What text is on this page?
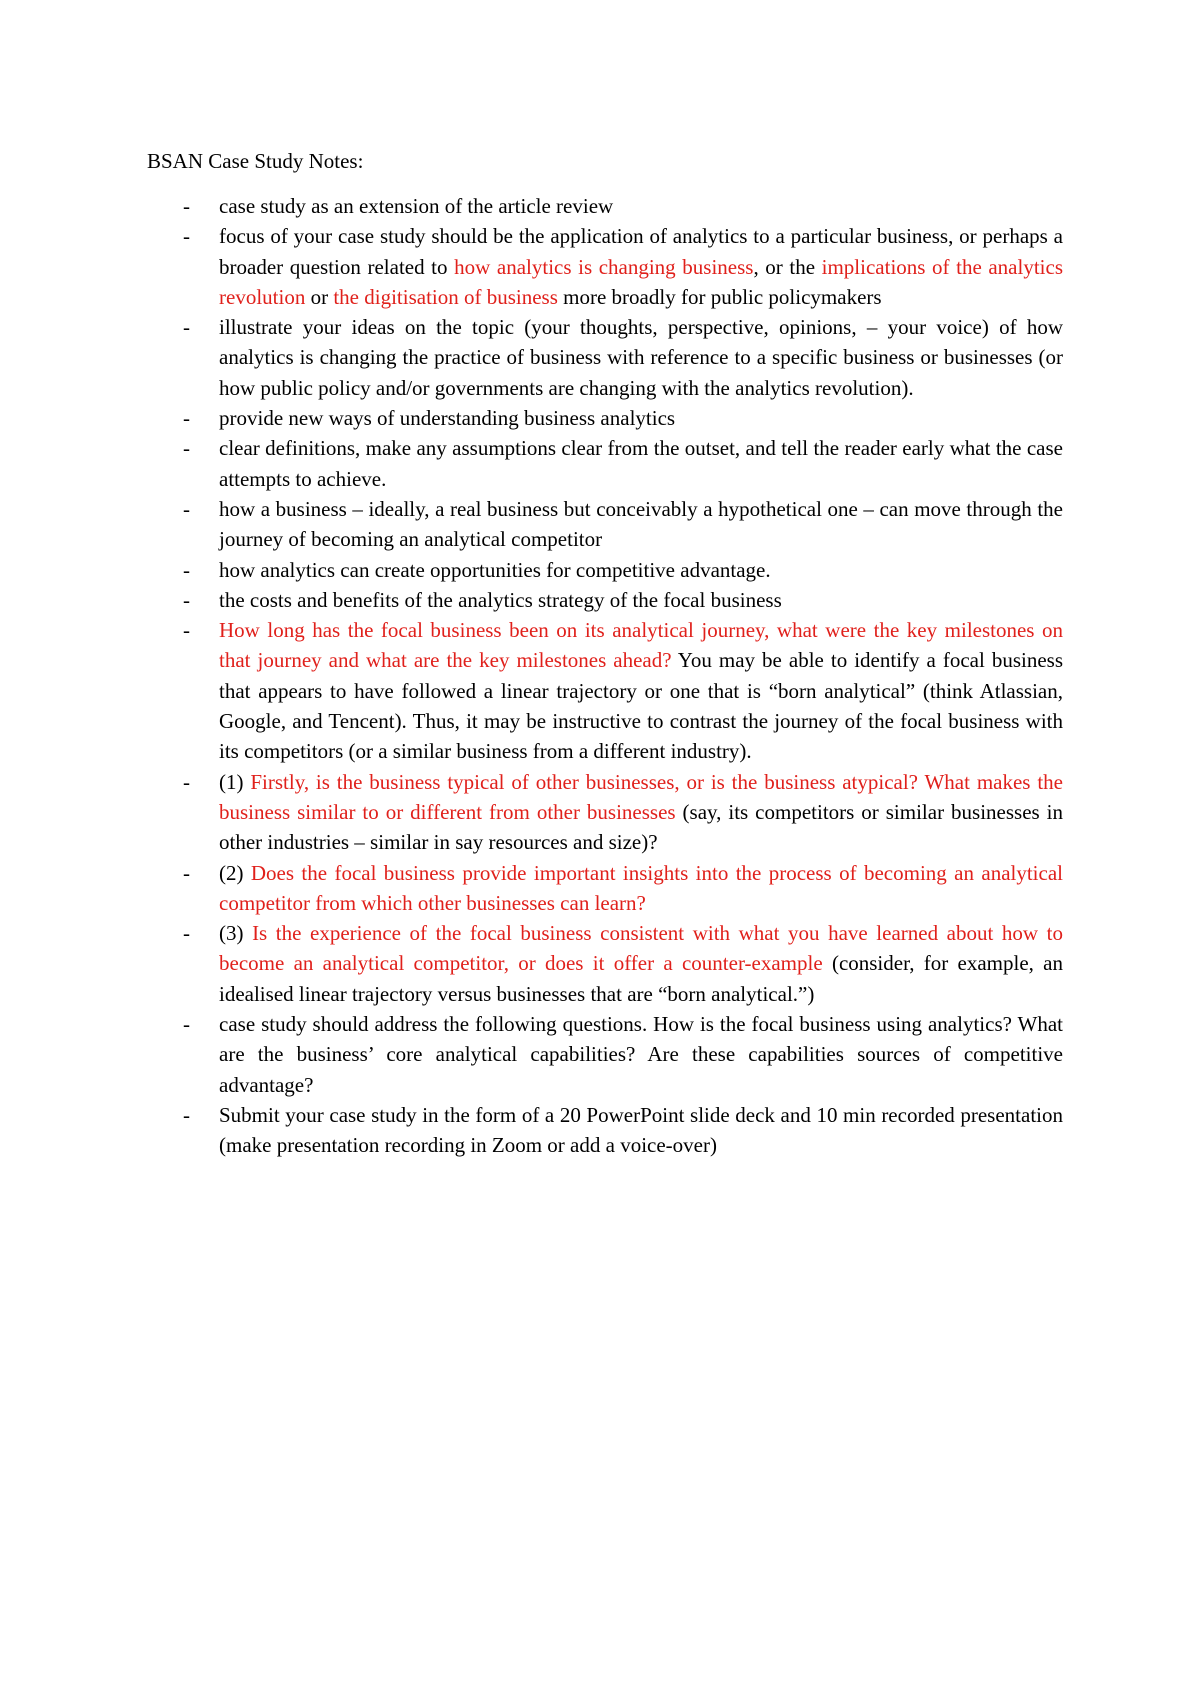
BSAN Case Study Notes:
- case study as an extension of the article review
- focus of your case study should be the application of analytics to a particular business, or perhaps a broader question related to how analytics is changing business, or the implications of the analytics revolution or the digitisation of business more broadly for public policymakers
- illustrate your ideas on the topic (your thoughts, perspective, opinions, – your voice) of how analytics is changing the practice of business with reference to a specific business or businesses (or how public policy and/or governments are changing with the analytics revolution).
- provide new ways of understanding business analytics
- clear definitions, make any assumptions clear from the outset, and tell the reader early what the case attempts to achieve.
- how a business – ideally, a real business but conceivably a hypothetical one – can move through the journey of becoming an analytical competitor
- how analytics can create opportunities for competitive advantage.
- the costs and benefits of the analytics strategy of the focal business
- How long has the focal business been on its analytical journey, what were the key milestones on that journey and what are the key milestones ahead? You may be able to identify a focal business that appears to have followed a linear trajectory or one that is “born analytical” (think Atlassian, Google, and Tencent). Thus, it may be instructive to contrast the journey of the focal business with its competitors (or a similar business from a different industry).
- (1) Firstly, is the business typical of other businesses, or is the business atypical? What makes the business similar to or different from other businesses (say, its competitors or similar businesses in other industries – similar in say resources and size)?
- (2) Does the focal business provide important insights into the process of becoming an analytical competitor from which other businesses can learn?
- (3) Is the experience of the focal business consistent with what you have learned about how to become an analytical competitor, or does it offer a counter-example (consider, for example, an idealised linear trajectory versus businesses that are “born analytical.”)
- case study should address the following questions. How is the focal business using analytics? What are the business’ core analytical capabilities? Are these capabilities sources of competitive advantage?
- Submit your case study in the form of a 20 PowerPoint slide deck and 10 min recorded presentation (make presentation recording in Zoom or add a voice-over)
